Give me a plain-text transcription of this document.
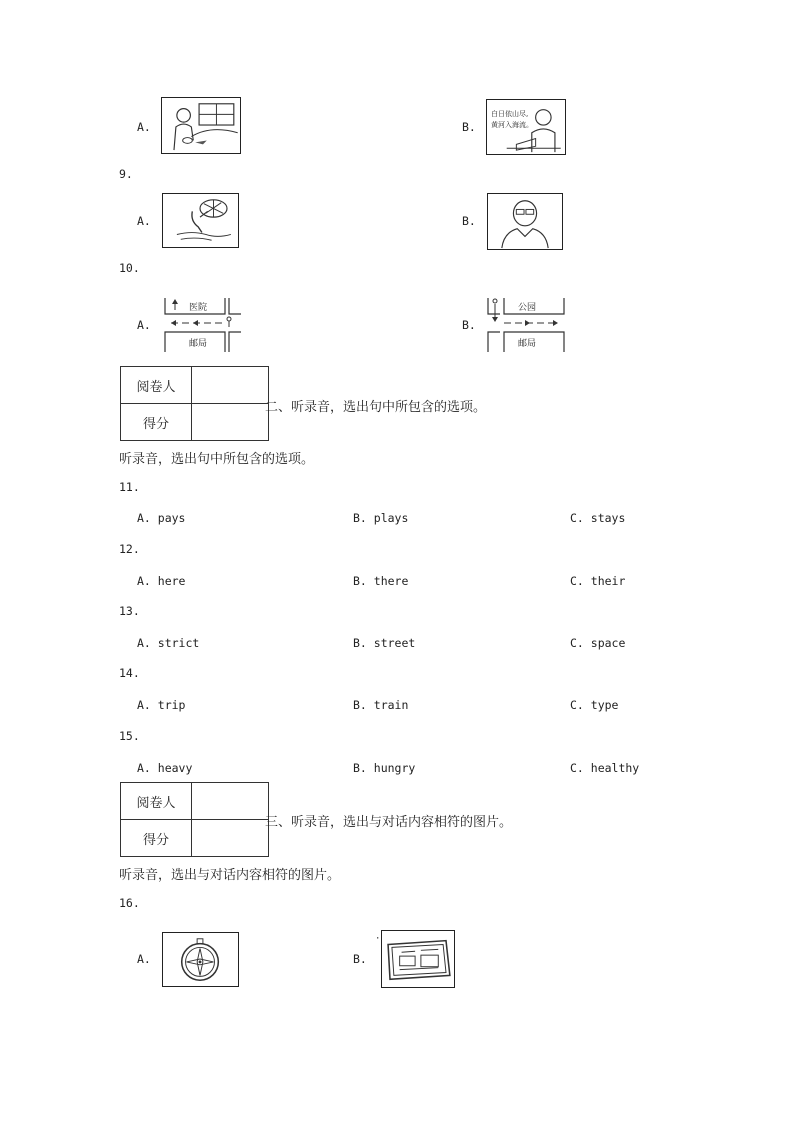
A.	B.
白日依山尽,
黄河入海流。
9.
A.	B.
10.
A.
医院
邮局
B.
公园
邮局
阅卷人	
得分	
二、听录音，选出句中所包含的选项。
听录音，选出句中所包含的选项。
11.
A. pays	B. plays	C. stays
12.
A. here	B. there	C. their
13.
A. strict	B. street	C. space
14.
A. trip	B. train	C. type
15.
A. heavy	B. hungry	C. healthy
阅卷人	
得分	
三、听录音，选出与对话内容相符的图片。
听录音，选出与对话内容相符的图片。
16.
A.
·
B.
